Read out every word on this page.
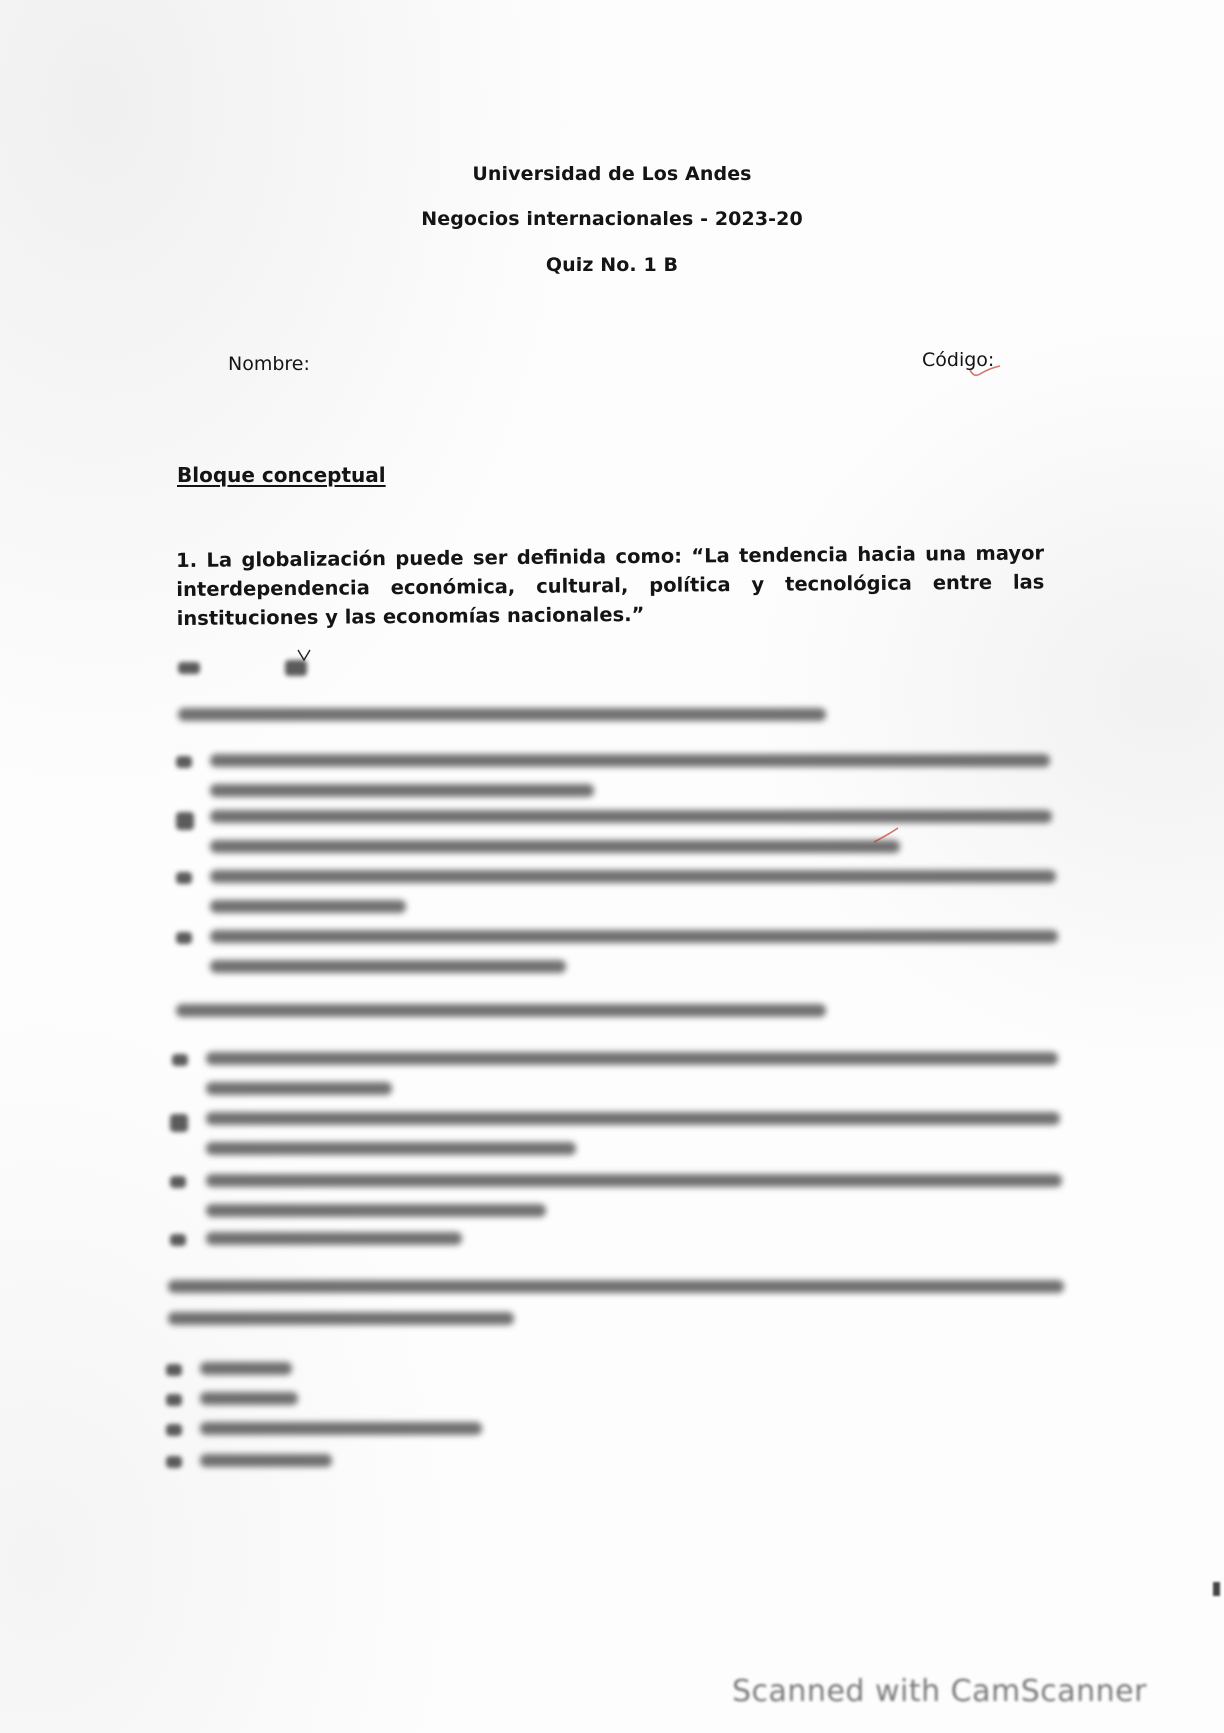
Universidad de Los Andes
Negocios internacionales - 2023-20
Quiz No. 1 B
Nombre:	Código:
Bloque conceptual
1. La globalización puede ser definida como: “La tendencia hacia una mayor interdependencia económica, cultural, política y tecnológica entre las instituciones y las economías nacionales.”
Scanned with CamScanner
